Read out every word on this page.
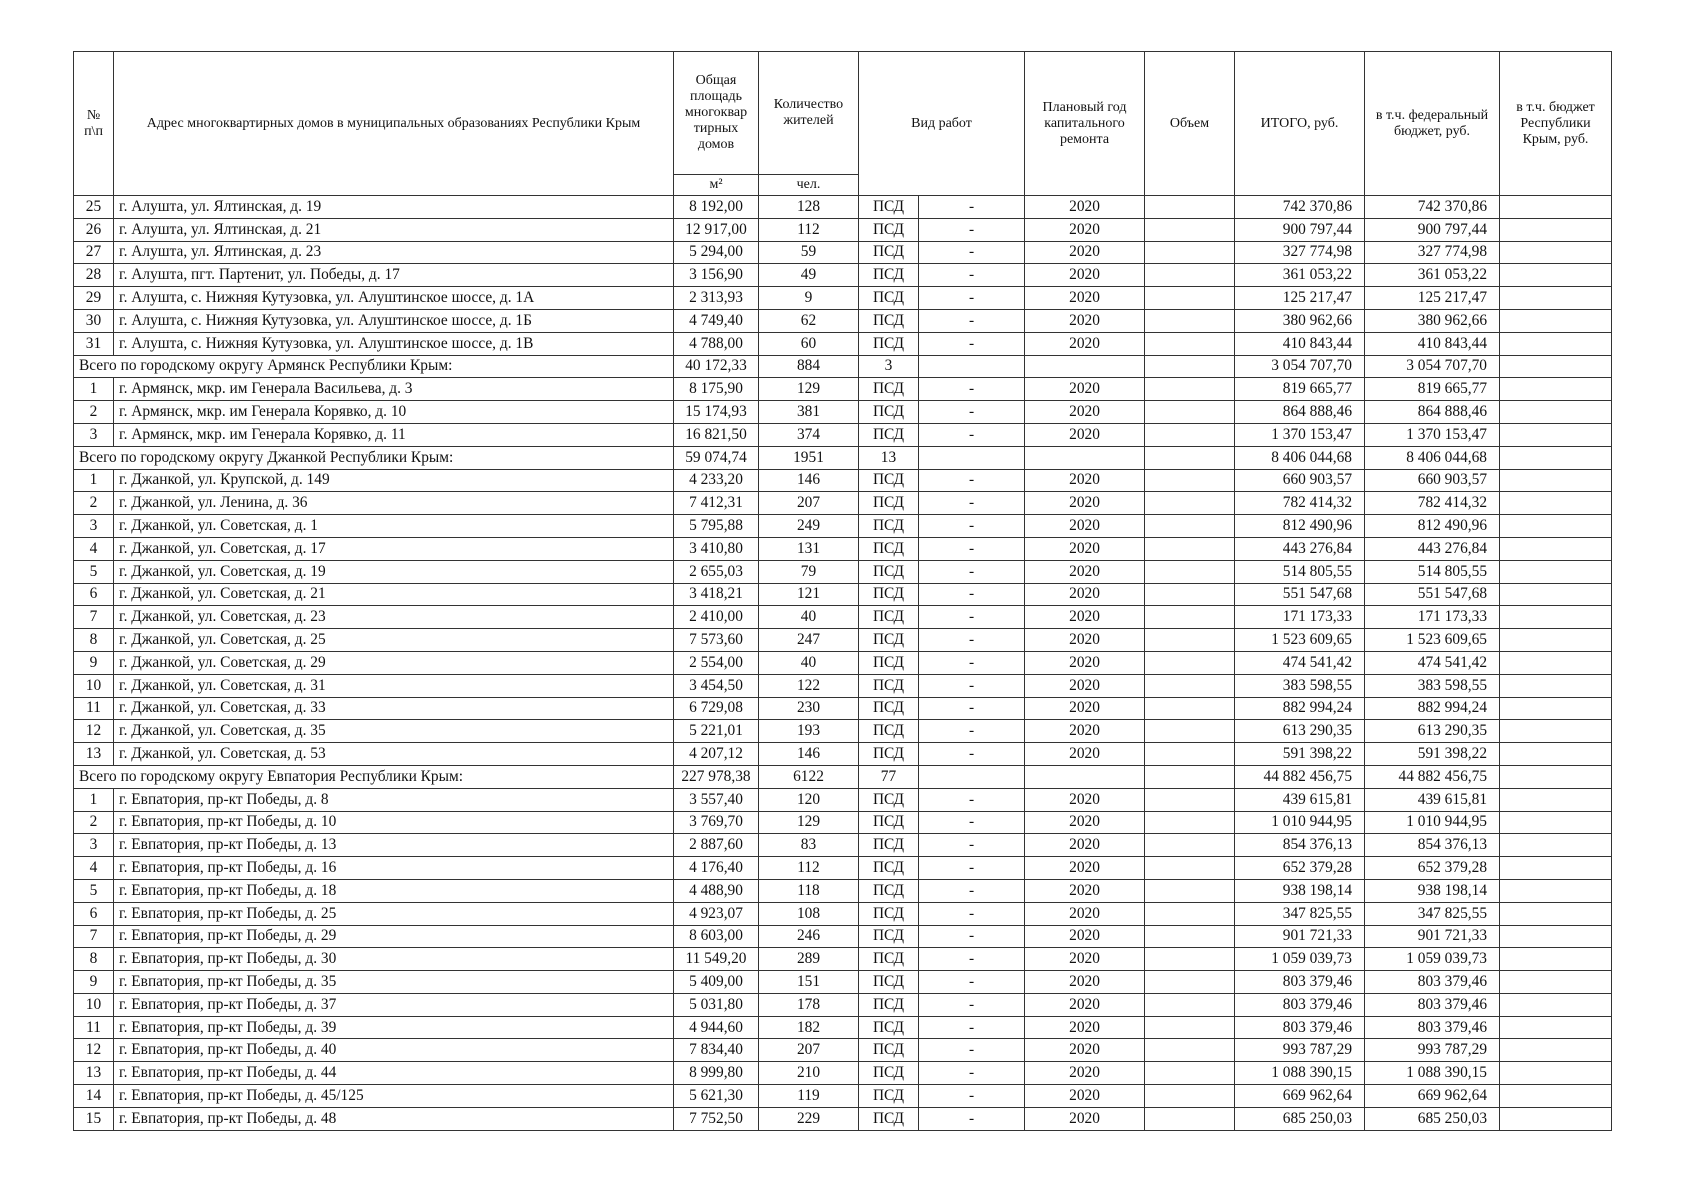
№ п\п	Адрес многоквартирных домов в муниципальных образованиях Республики Крым	Общая площадь многоквар тирных домов	Количество жителей	Вид работ		Плановый год капитального ремонта	Объем	ИТОГО, руб.	в т.ч. федеральный бюджет, руб.	в т.ч. бюджет Республики Крым, руб.
		м²	чел.							
25	г. Алушта, ул. Ялтинская, д. 19	8 192,00	128	ПСД	-	2020		742 370,86	742 370,86	
26	г. Алушта, ул. Ялтинская, д. 21	12 917,00	112	ПСД	-	2020		900 797,44	900 797,44	
27	г. Алушта, ул. Ялтинская, д. 23	5 294,00	59	ПСД	-	2020		327 774,98	327 774,98	
28	г. Алушта, пгт. Партенит, ул. Победы, д. 17	3 156,90	49	ПСД	-	2020		361 053,22	361 053,22	
29	г. Алушта, с. Нижняя Кутузовка, ул. Алуштинское шоссе, д. 1А	2 313,93	9	ПСД	-	2020		125 217,47	125 217,47	
30	г. Алушта, с. Нижняя Кутузовка, ул. Алуштинское шоссе, д. 1Б	4 749,40	62	ПСД	-	2020		380 962,66	380 962,66	
31	г. Алушта, с. Нижняя Кутузовка, ул. Алуштинское шоссе, д. 1В	4 788,00	60	ПСД	-	2020		410 843,44	410 843,44	
Всего по городскому округу Армянск Республики Крым:		40 172,33	884	3				3 054 707,70	3 054 707,70	
1	г. Армянск, мкр. им Генерала Васильева, д. 3	8 175,90	129	ПСД	-	2020		819 665,77	819 665,77	
2	г. Армянск, мкр. им Генерала Корявко, д. 10	15 174,93	381	ПСД	-	2020		864 888,46	864 888,46	
3	г. Армянск, мкр. им Генерала Корявко, д. 11	16 821,50	374	ПСД	-	2020		1 370 153,47	1 370 153,47	
Всего по городскому округу Джанкой Республики Крым:		59 074,74	1951	13				8 406 044,68	8 406 044,68	
1	г. Джанкой, ул. Крупской, д. 149	4 233,20	146	ПСД	-	2020		660 903,57	660 903,57	
2	г. Джанкой, ул. Ленина, д. 36	7 412,31	207	ПСД	-	2020		782 414,32	782 414,32	
3	г. Джанкой, ул. Советская, д. 1	5 795,88	249	ПСД	-	2020		812 490,96	812 490,96	
4	г. Джанкой, ул. Советская, д. 17	3 410,80	131	ПСД	-	2020		443 276,84	443 276,84	
5	г. Джанкой, ул. Советская, д. 19	2 655,03	79	ПСД	-	2020		514 805,55	514 805,55	
6	г. Джанкой, ул. Советская, д. 21	3 418,21	121	ПСД	-	2020		551 547,68	551 547,68	
7	г. Джанкой, ул. Советская, д. 23	2 410,00	40	ПСД	-	2020		171 173,33	171 173,33	
8	г. Джанкой, ул. Советская, д. 25	7 573,60	247	ПСД	-	2020		1 523 609,65	1 523 609,65	
9	г. Джанкой, ул. Советская, д. 29	2 554,00	40	ПСД	-	2020		474 541,42	474 541,42	
10	г. Джанкой, ул. Советская, д. 31	3 454,50	122	ПСД	-	2020		383 598,55	383 598,55	
11	г. Джанкой, ул. Советская, д. 33	6 729,08	230	ПСД	-	2020		882 994,24	882 994,24	
12	г. Джанкой, ул. Советская, д. 35	5 221,01	193	ПСД	-	2020		613 290,35	613 290,35	
13	г. Джанкой, ул. Советская, д. 53	4 207,12	146	ПСД	-	2020		591 398,22	591 398,22	
Всего по городскому округу Евпатория Республики Крым:		227 978,38	6122	77				44 882 456,75	44 882 456,75	
1	г. Евпатория, пр-кт Победы, д. 8	3 557,40	120	ПСД	-	2020		439 615,81	439 615,81	
2	г. Евпатория, пр-кт Победы, д. 10	3 769,70	129	ПСД	-	2020		1 010 944,95	1 010 944,95	
3	г. Евпатория, пр-кт Победы, д. 13	2 887,60	83	ПСД	-	2020		854 376,13	854 376,13	
4	г. Евпатория, пр-кт Победы, д. 16	4 176,40	112	ПСД	-	2020		652 379,28	652 379,28	
5	г. Евпатория, пр-кт Победы, д. 18	4 488,90	118	ПСД	-	2020		938 198,14	938 198,14	
6	г. Евпатория, пр-кт Победы, д. 25	4 923,07	108	ПСД	-	2020		347 825,55	347 825,55	
7	г. Евпатория, пр-кт Победы, д. 29	8 603,00	246	ПСД	-	2020		901 721,33	901 721,33	
8	г. Евпатория, пр-кт Победы, д. 30	11 549,20	289	ПСД	-	2020		1 059 039,73	1 059 039,73	
9	г. Евпатория, пр-кт Победы, д. 35	5 409,00	151	ПСД	-	2020		803 379,46	803 379,46	
10	г. Евпатория, пр-кт Победы, д. 37	5 031,80	178	ПСД	-	2020		803 379,46	803 379,46	
11	г. Евпатория, пр-кт Победы, д. 39	4 944,60	182	ПСД	-	2020		803 379,46	803 379,46	
12	г. Евпатория, пр-кт Победы, д. 40	7 834,40	207	ПСД	-	2020		993 787,29	993 787,29	
13	г. Евпатория, пр-кт Победы, д. 44	8 999,80	210	ПСД	-	2020		1 088 390,15	1 088 390,15	
14	г. Евпатория, пр-кт Победы, д. 45/125	5 621,30	119	ПСД	-	2020		669 962,64	669 962,64	
15	г. Евпатория, пр-кт Победы, д. 48	7 752,50	229	ПСД	-	2020		685 250,03	685 250,03	
